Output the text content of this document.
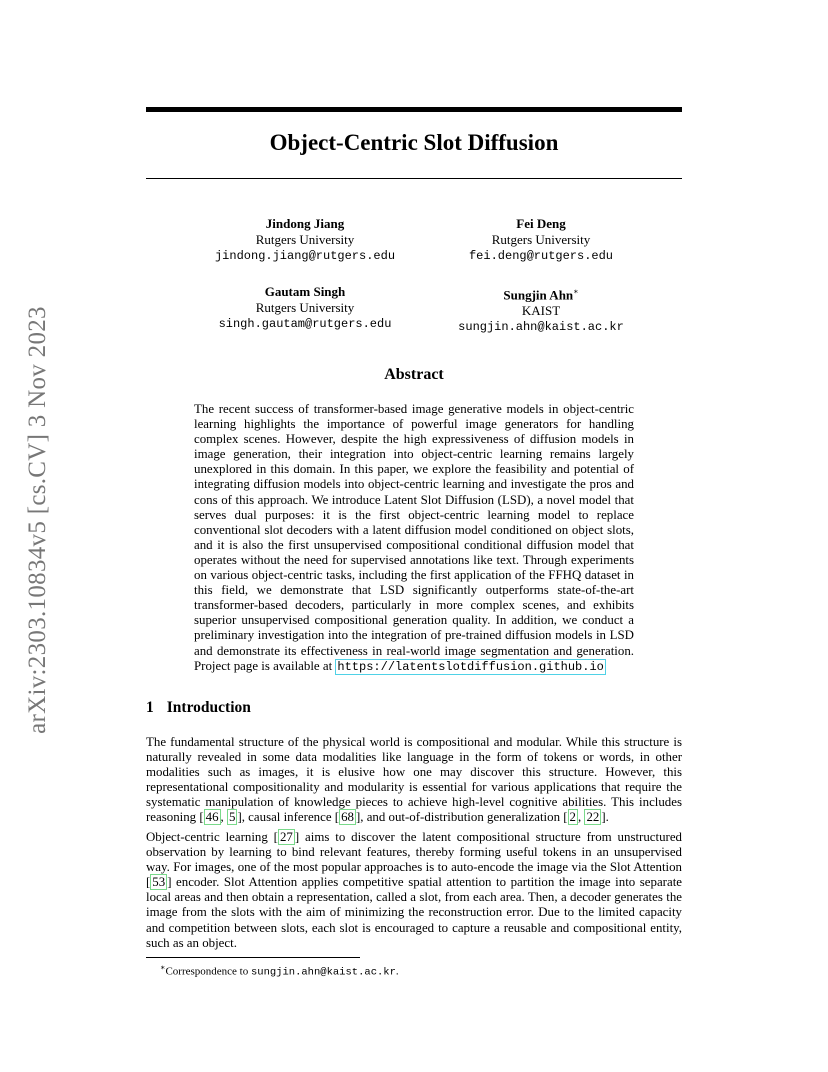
arXiv:2303.10834v5 [cs.CV] 3 Nov 2023
Object-Centric Slot Diffusion
Jindong Jiang
Rutgers University
jindong.jiang@rutgers.edu
Fei Deng
Rutgers University
fei.deng@rutgers.edu
Gautam Singh
Rutgers University
singh.gautam@rutgers.edu
Sungjin Ahn∗
KAIST
sungjin.ahn@kaist.ac.kr
Abstract
The recent success of transformer-based image generative models in object-centric learning highlights the importance of powerful image generators for handling complex scenes. However, despite the high expressiveness of diffusion models in image generation, their integration into object-centric learning remains largely unexplored in this domain. In this paper, we explore the feasibility and potential of integrating diffusion models into object-centric learning and investigate the pros and cons of this approach. We introduce Latent Slot Diffusion (LSD), a novel model that serves dual purposes: it is the first object-centric learning model to replace conventional slot decoders with a latent diffusion model conditioned on object slots, and it is also the first unsupervised compositional conditional diffusion model that operates without the need for supervised annotations like text. Through experiments on various object-centric tasks, including the first application of the FFHQ dataset in this field, we demonstrate that LSD significantly outperforms state-of-the-art transformer-based decoders, particularly in more complex scenes, and exhibits superior unsupervised compositional generation quality. In addition, we conduct a preliminary investigation into the integration of pre-trained diffusion models in LSD and demonstrate its effectiveness in real-world image segmentation and generation. Project page is available at https://latentslotdiffusion.github.io
1 Introduction
The fundamental structure of the physical world is compositional and modular. While this structure is naturally revealed in some data modalities like language in the form of tokens or words, in other modalities such as images, it is elusive how one may discover this structure. However, this representational compositionality and modularity is essential for various applications that require the systematic manipulation of knowledge pieces to achieve high-level cognitive abilities. This includes reasoning [ 46 , 5 ], causal inference [ 68 ], and out-of-distribution generalization [ 2 , 22 ].
Object-centric learning [ 27 ] aims to discover the latent compositional structure from unstructured observation by learning to bind relevant features, thereby forming useful tokens in an unsupervised way. For images, one of the most popular approaches is to auto-encode the image via the Slot Attention [ 53 ] encoder. Slot Attention applies competitive spatial attention to partition the image into separate local areas and then obtain a representation, called a slot, from each area. Then, a decoder generates the image from the slots with the aim of minimizing the reconstruction error. Due to the limited capacity and competition between slots, each slot is encouraged to capture a reusable and compositional entity, such as an object.
∗Correspondence to sungjin.ahn@kaist.ac.kr.
